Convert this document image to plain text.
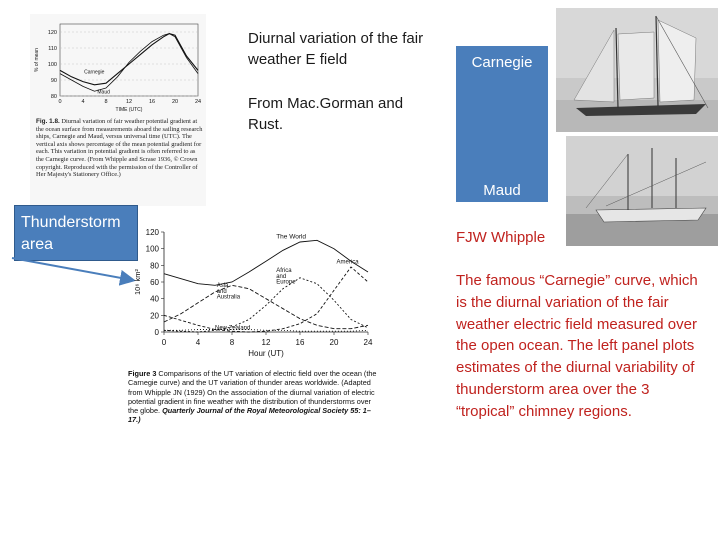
120
110
100
90
80
0	4	8	12	16	20	24
TIME (UTC)
% of mean
Carnegie
Maud
Fig. 1.8. Diurnal variation of fair weather potential gradient at the ocean surface from measurements aboard the sailing research ships, Carnegie and Maud, versus universal time (UTC). The vertical axis shows percentage of the mean potential gradient for each. This variation in potential gradient is often referred to as the Carnegie curve. (From Whipple and Scrase 1936, © Crown copyright. Reproduced with the permission of the Controller of Her Majesty's Stationery Office.)
Diurnal variation of the fair weather E field
From Mac.Gorman and Rust.
Carnegie
Maud
Thunderstorm area
0
20
40
60
80
100
120
0	4	8	12	16	20	24
Hour (UT)
10⁶ km²
The World
America
Africa
and
Europe
Asia
and
Australia
New Zealand
Figure 3 Comparisons of the UT variation of electric field over the ocean (the Carnegie curve) and the UT variation of thunder areas worldwide. (Adapted from Whipple JN (1929) On the association of the diurnal variation of electric potential gradient in fine weather with the distribution of thunderstorms over the globe. Quarterly Journal of the Royal Meteorological Society 55: 1–17.)
FJW Whipple
The famous “Carnegie” curve, which is the diurnal variation of the fair weather electric field measured over the open ocean. The left panel plots estimates of the diurnal variability of thunderstorm area over the 3 “tropical” chimney regions.
